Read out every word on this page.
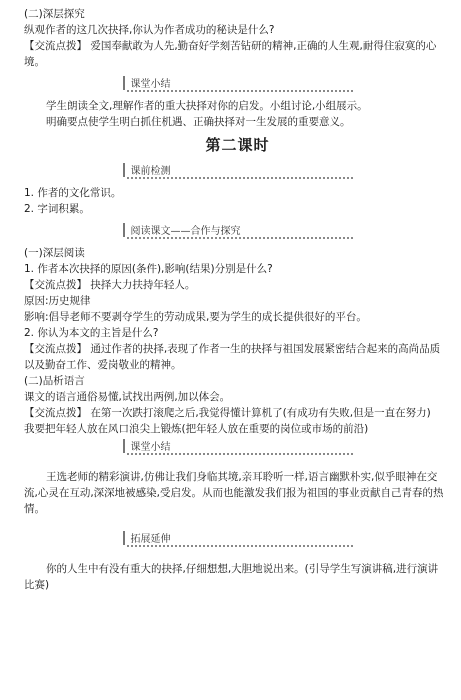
(二)深层探究

纵观作者的这几次抉择,你认为作者成功的秘诀是什么?

【交流点拨】 爱国奉献敢为人先,勤奋好学刻苦钻研的精神,正确的人生观,耐得住寂寞的心

境。

课堂小结

学生朗读全文,理解作者的重大抉择对你的启发。小组讨论,小组展示。

明确要点使学生明白抓住机遇、正确抉择对一生发展的重要意义。

第二课时
课前检测

1. 作者的文化常识。

2. 字词积累。

阅读课文——合作与探究

(一)深层阅读

1. 作者本次抉择的原因(条件),影响(结果)分别是什么?

【交流点拨】 抉择大力扶持年轻人。

原因:历史规律

影响:倡导老师不要剥夺学生的劳动成果,要为学生的成长提供很好的平台。

2. 你认为本文的主旨是什么?

【交流点拨】 通过作者的抉择,表现了作者一生的抉择与祖国发展紧密结合起来的高尚品质

以及勤奋工作、爱岗敬业的精神。

(二)品析语言

课文的语言通俗易懂,试找出两例,加以体会。

【交流点拨】 在第一次跌打滚爬之后,我觉得懂计算机了(有成功有失败,但是一直在努力)

我要把年轻人放在风口浪尖上锻炼(把年轻人放在重要的岗位或市场的前沿)

课堂小结

王选老师的精彩演讲,仿佛让我们身临其境,亲耳聆听一样,语言幽默朴实,似乎眼神在交

流,心灵在互动,深深地被感染,受启发。从而也能激发我们报为祖国的事业贡献自己青春的热

情。

拓展延伸

你的人生中有没有重大的抉择,仔细想想,大胆地说出来。(引导学生写演讲稿,进行演讲

比赛)
